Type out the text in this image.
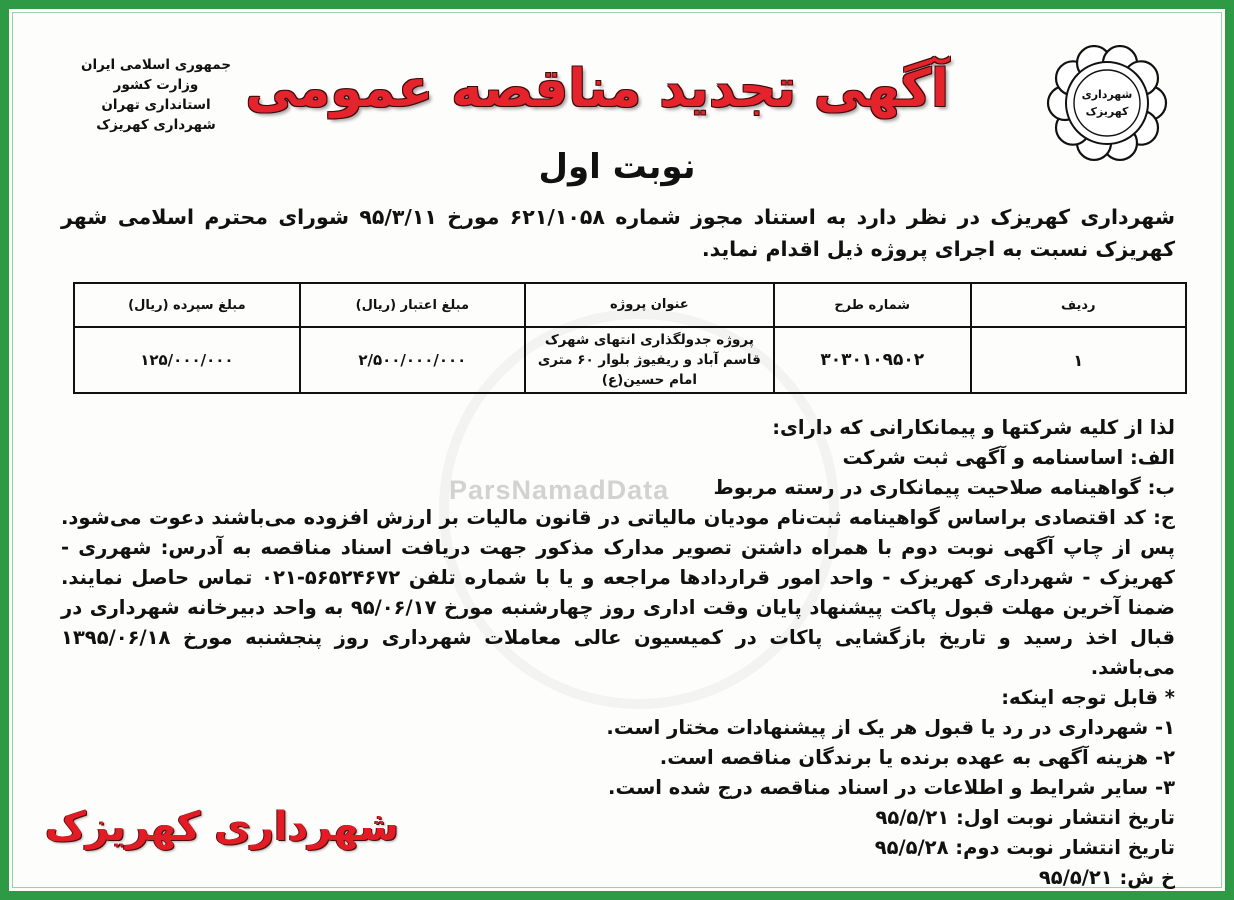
ParsNamadData
جمهوری اسلامی ایران
وزارت کشور
استانداری تهران
شهرداری کهریزک
آگهی تجدید مناقصه عمومی	شهرداری
کهریزک
نوبت اول

شهرداری کهریزک در نظر دارد به استناد مجوز شماره ۶۲۱/۱۰۵۸ مورخ ۹۵/۳/۱۱ شورای محترم اسلامی شهر کهریزک نسبت به اجرای پروژه ذیل اقدام نماید.

ردیف	شماره طرح	عنوان پروژه	مبلغ اعتبار (ریال)	مبلغ سپرده (ریال)
۱	۳۰۳۰۱۰۹۵۰۲	پروژه جدولگذاری انتهای شهرک قاسم آباد و ریفیوژ بلوار ۶۰ متری امام حسین(ع)	۲/۵۰۰/۰۰۰/۰۰۰	۱۲۵/۰۰۰/۰۰۰

لذا از کلیه شرکتها و پیمانکارانی که دارای:

الف: اساسنامه و آگهی ثبت شرکت

ب: گواهینامه صلاحیت پیمانکاری در رسته مربوط

ج: کد اقتصادی براساس گواهینامه ثبت‌نام مودیان مالیاتی در قانون مالیات بر ارزش افزوده می‌باشند دعوت می‌شود. پس از چاپ آگهی نوبت دوم با همراه داشتن تصویر مدارک مذکور جهت دریافت اسناد مناقصه به آدرس: شهرری - کهریزک - شهرداری کهریزک - واحد امور قراردادها مراجعه و یا با شماره تلفن ۵۶۵۲۴۶۷۲-۰۲۱ تماس حاصل نمایند. ضمنا آخرین مهلت قبول پاکت پیشنهاد پایان وقت اداری روز چهارشنبه مورخ ۹۵/۰۶/۱۷ به واحد دبیرخانه شهرداری در قبال اخذ رسید و تاریخ بازگشایی پاکات در کمیسیون عالی معاملات شهرداری روز پنجشنبه مورخ ۱۳۹۵/۰۶/۱۸ می‌باشد.

* قابل توجه اینکه:

۱- شهرداری در رد یا قبول هر یک از پیشنهادات مختار است.

۲- هزینه آگهی به عهده برنده یا برندگان مناقصه است.

۳- سایر شرایط و اطلاعات در اسناد مناقصه درج شده است.

تاریخ انتشار نوبت اول: ۹۵/۵/۲۱

تاریخ انتشار نوبت دوم: ۹۵/۵/۲۸

خ ش: ۹۵/۵/۲۱

شهرداری کهریزک
